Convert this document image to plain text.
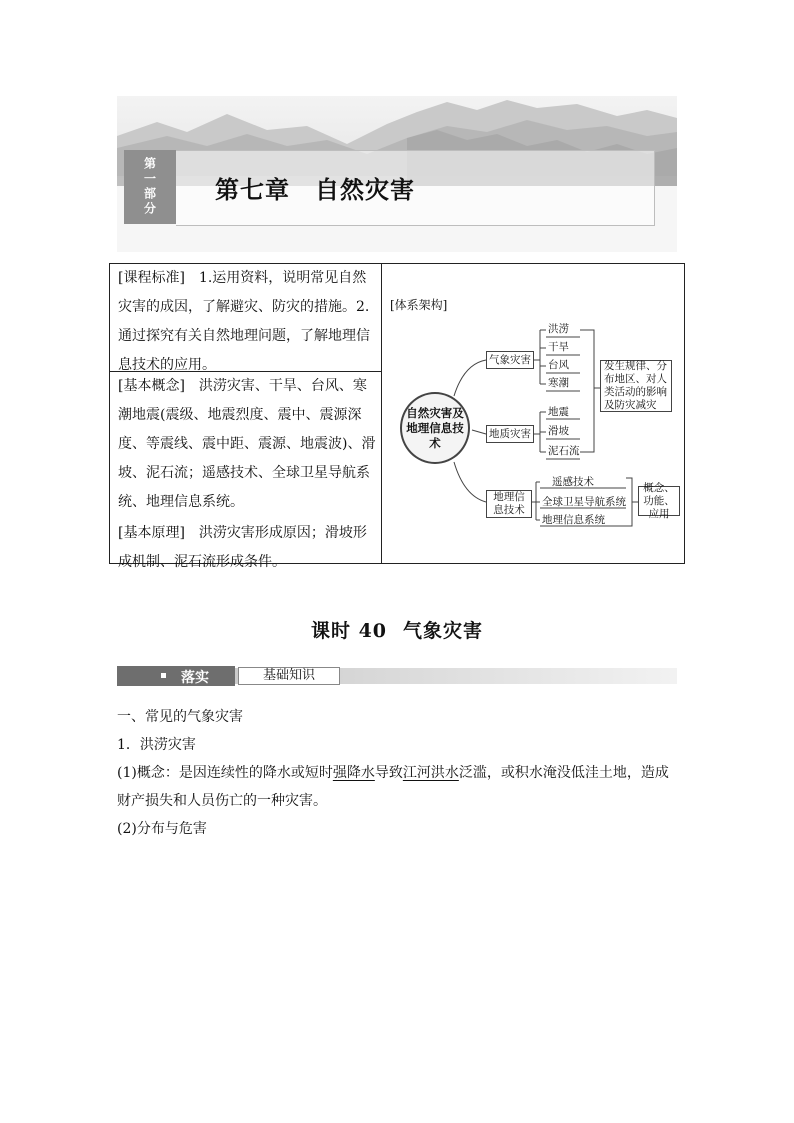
第一部分 第七章　自然灾害
[课程标准]　1.运用资料，说明常见自然灾害的成因，了解避灾、防灾的措施。2.通过探究有关自然地理问题，了解地理信息技术的应用。
[基本概念]　洪涝灾害、干旱、台风、寒潮地震(震级、地震烈度、震中、震源深度、等震线、震中距、震源、地震波)、滑坡、泥石流；遥感技术、全球卫星导航系统、地理信息系统。
[基本原理]　洪涝灾害形成原因；滑坡形成机制、泥石流形成条件。
[体系架构]
自然灾害及地理信息技术
气象灾害
洪涝
干旱
台风
寒潮
地质灾害
地震
滑坡
泥石流
发生规律、分布地区、对人类活动的影响及防灾减灾
地理信息技术
遥感技术
全球卫星导航系统
地理信息系统
概念、功能、应用
课时 40 气象灾害
落实	基础知识
一、常见的气象灾害
1．洪涝灾害
(1)概念：是因连续性的降水或短时强降水导致江河洪水泛滥，或积水淹没低洼土地，造成财产损失和人员伤亡的一种灾害。
(2)分布与危害
